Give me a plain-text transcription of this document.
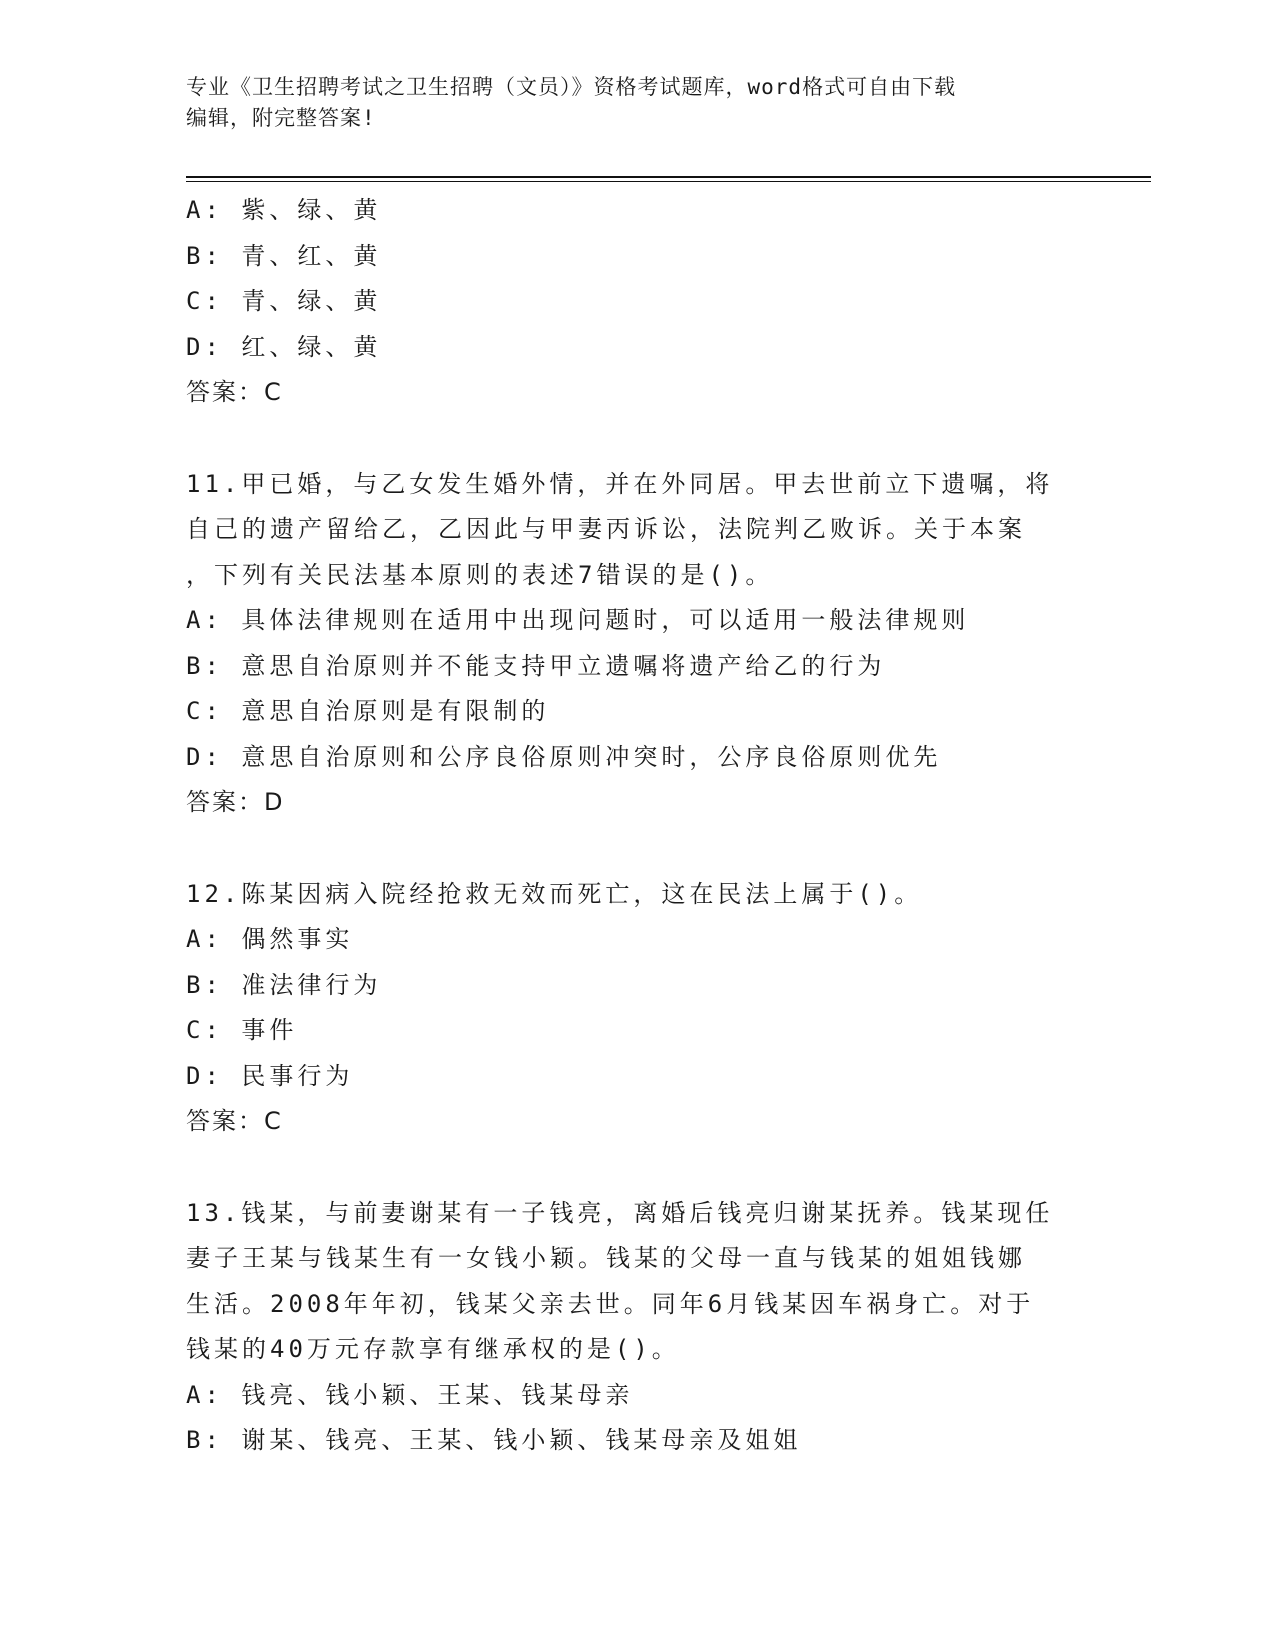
专业《卫生招聘考试之卫生招聘（文员）》资格考试题库，word格式可自由下载
编辑，附完整答案!
A: 紫、绿、黄
B: 青、红、黄
C: 青、绿、黄
D: 红、绿、黄
答案：C
11.甲已婚，与乙女发生婚外情，并在外同居。甲去世前立下遗嘱，将
自己的遗产留给乙，乙因此与甲妻丙诉讼，法院判乙败诉。关于本案
，下列有关民法基本原则的表述7错误的是()。
A: 具体法律规则在适用中出现问题时，可以适用一般法律规则
B: 意思自治原则并不能支持甲立遗嘱将遗产给乙的行为
C: 意思自治原则是有限制的
D: 意思自治原则和公序良俗原则冲突时，公序良俗原则优先
答案：D
12.陈某因病入院经抢救无效而死亡，这在民法上属于()。
A: 偶然事实
B: 准法律行为
C: 事件
D: 民事行为
答案：C
13.钱某，与前妻谢某有一子钱亮，离婚后钱亮归谢某抚养。钱某现任
妻子王某与钱某生有一女钱小颖。钱某的父母一直与钱某的姐姐钱娜
生活。2008年年初，钱某父亲去世。同年6月钱某因车祸身亡。对于
钱某的40万元存款享有继承权的是()。
A: 钱亮、钱小颖、王某、钱某母亲
B: 谢某、钱亮、王某、钱小颖、钱某母亲及姐姐
